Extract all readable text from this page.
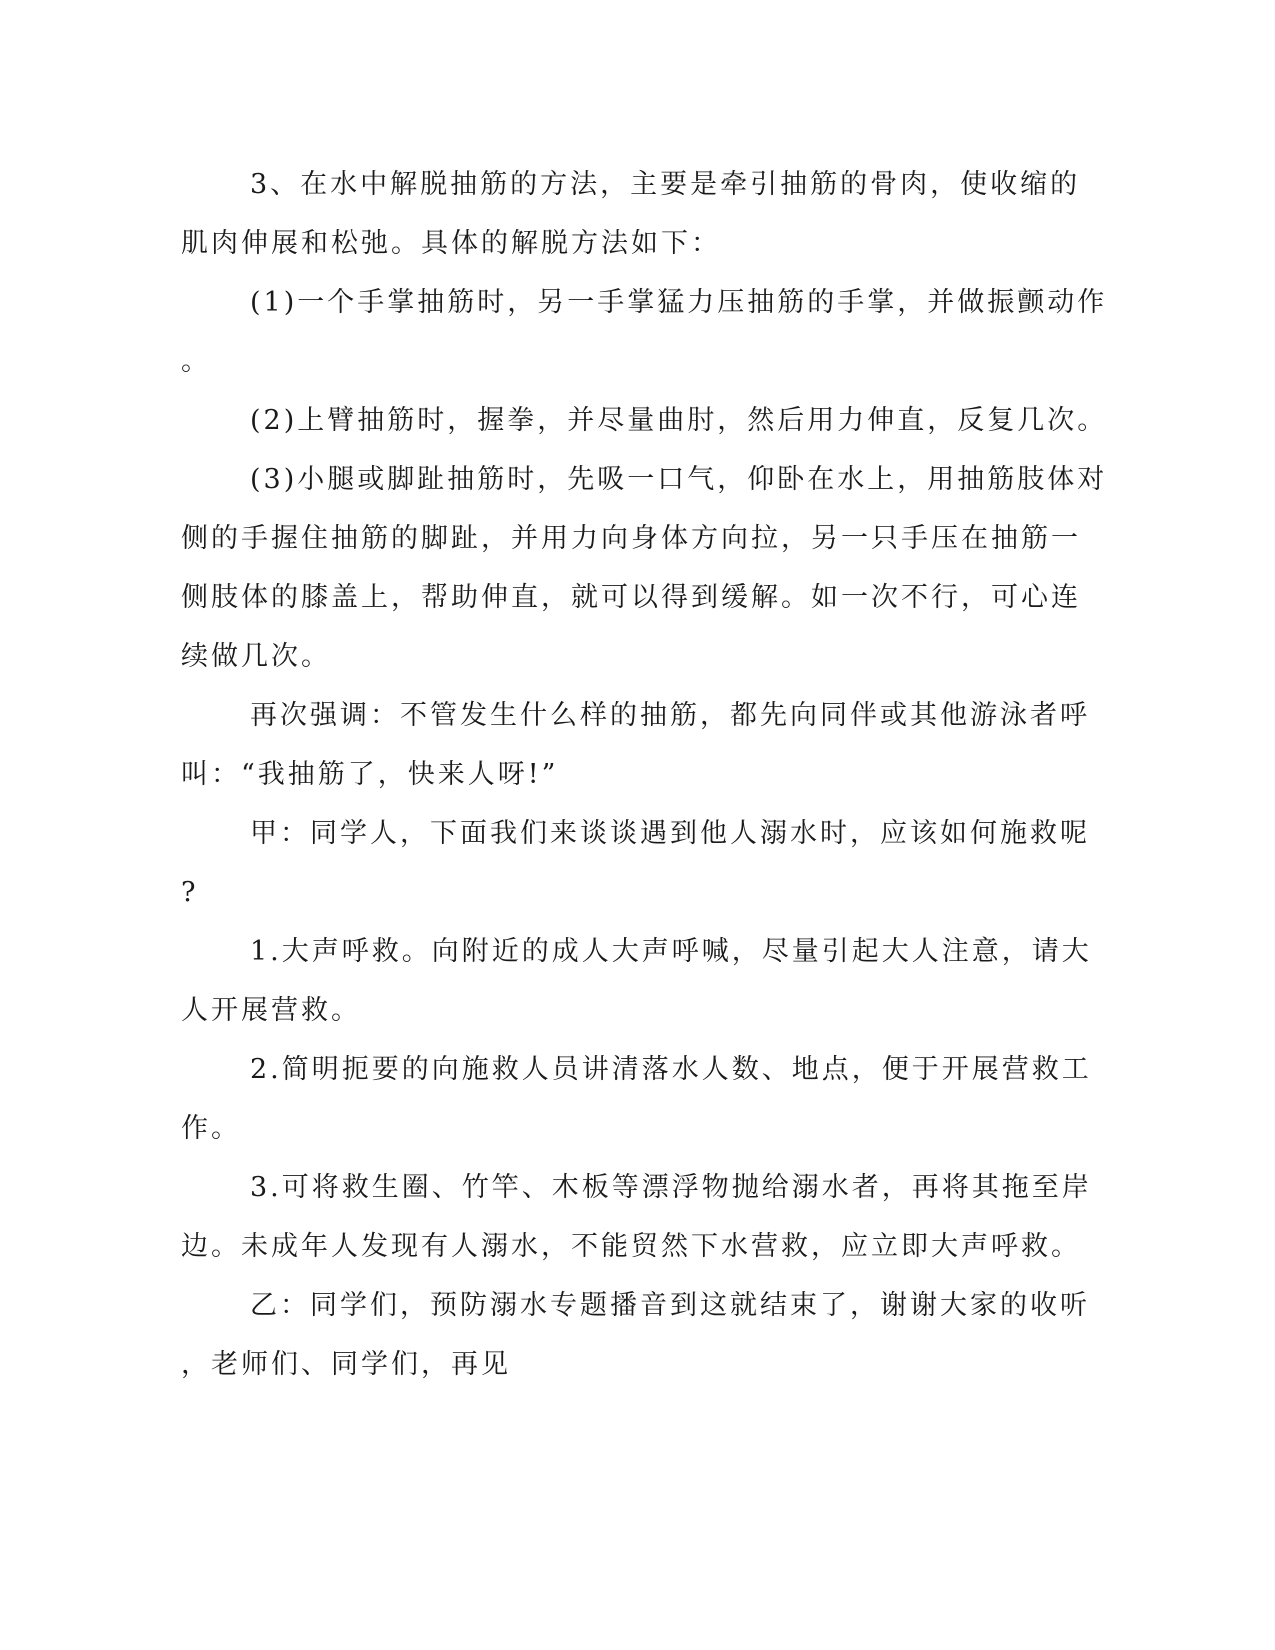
3、在水中解脱抽筋的方法，主要是牵引抽筋的骨肉，使收缩的
肌肉伸展和松弛。具体的解脱方法如下：
(1)一个手掌抽筋时，另一手掌猛力压抽筋的手掌，并做振颤动作
。
(2)上臂抽筋时，握拳，并尽量曲肘，然后用力伸直，反复几次。
(3)小腿或脚趾抽筋时，先吸一口气，仰卧在水上，用抽筋肢体对
侧的手握住抽筋的脚趾，并用力向身体方向拉，另一只手压在抽筋一
侧肢体的膝盖上，帮助伸直，就可以得到缓解。如一次不行，可心连
续做几次。
再次强调：不管发生什么样的抽筋，都先向同伴或其他游泳者呼
叫：“我抽筋了，快来人呀!”
甲：同学人，下面我们来谈谈遇到他人溺水时，应该如何施救呢
?
1.大声呼救。向附近的成人大声呼喊，尽量引起大人注意，请大
人开展营救。
2.简明扼要的向施救人员讲清落水人数、地点，便于开展营救工
作。
3.可将救生圈、竹竿、木板等漂浮物抛给溺水者，再将其拖至岸
边。未成年人发现有人溺水，不能贸然下水营救，应立即大声呼救。
乙：同学们，预防溺水专题播音到这就结束了，谢谢大家的收听
，老师们、同学们，再见
